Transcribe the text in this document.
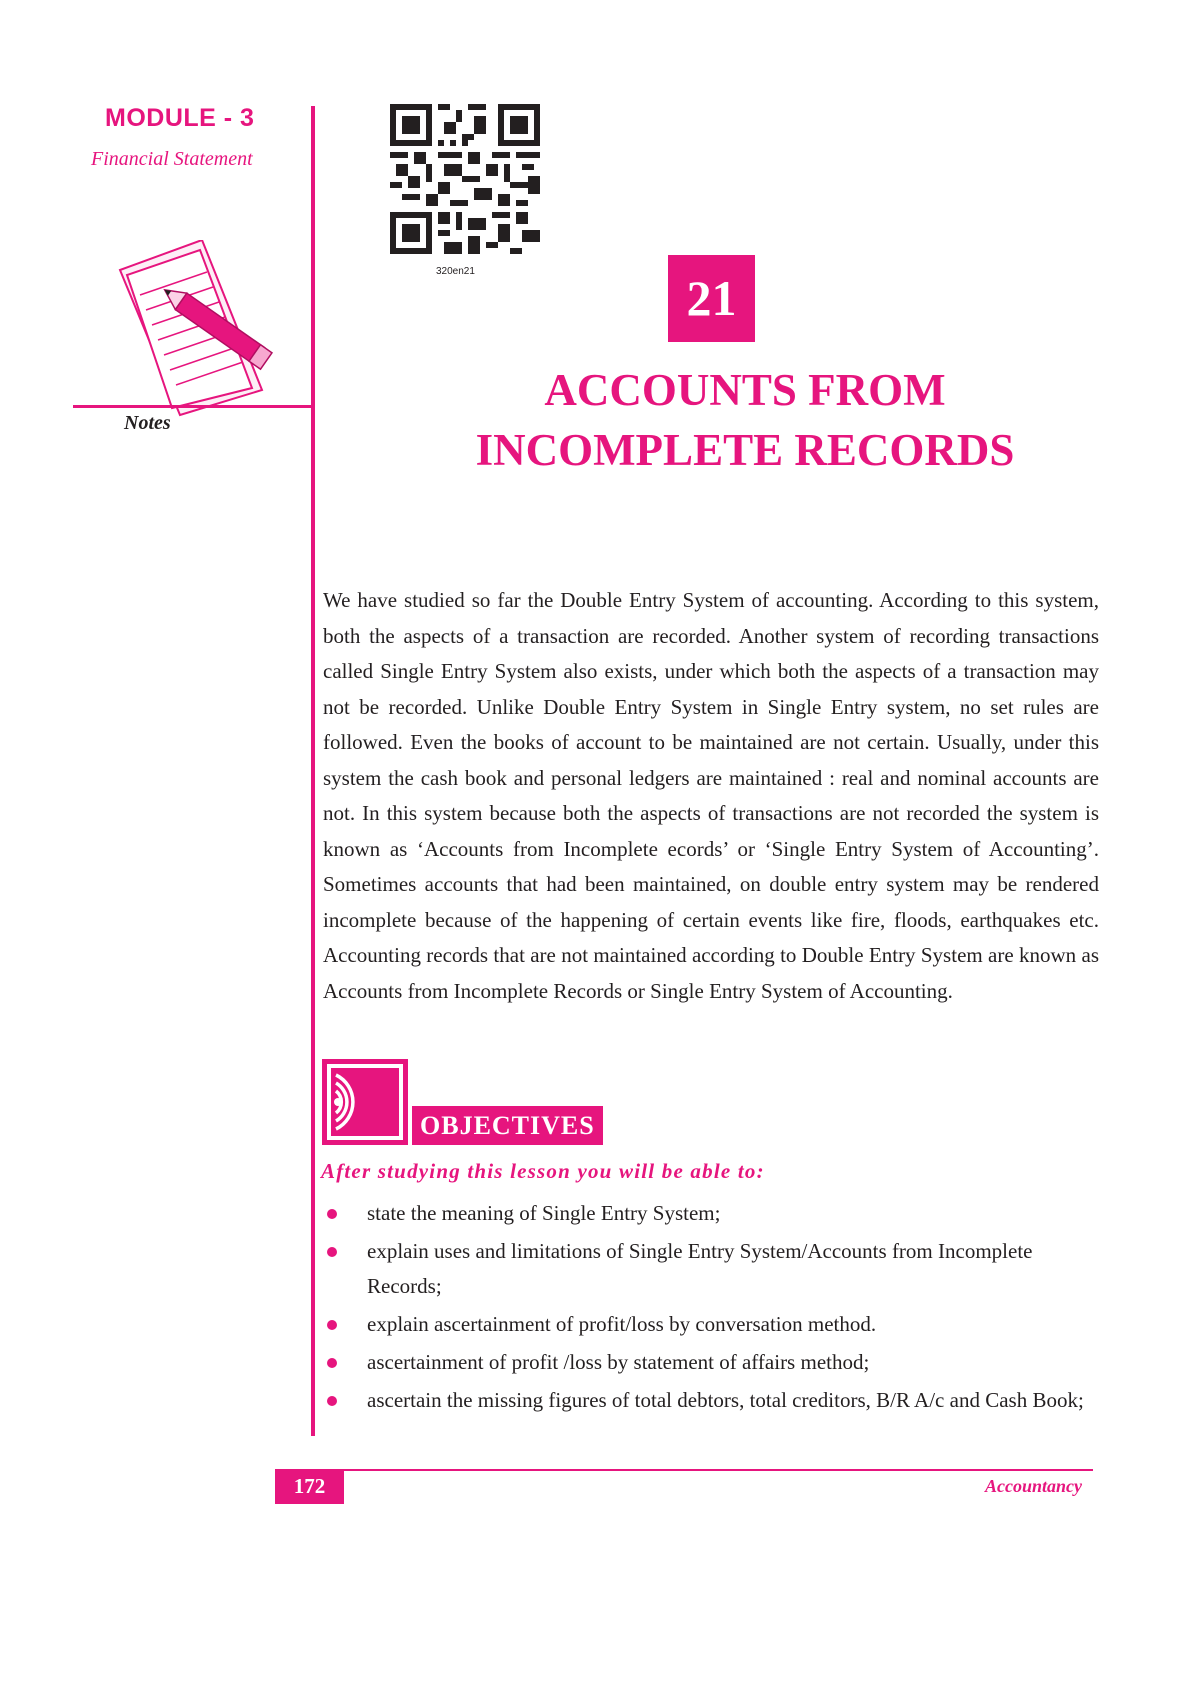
MODULE - 3
Financial Statement
Notes
320en21	21
ACCOUNTS FROM
INCOMPLETE RECORDS
We have studied so far the Double Entry System of accounting. According to this system, both the aspects of a transaction are recorded. Another system of recording transactions called Single Entry System also exists, under which both the aspects of a transaction may not be recorded. Unlike Double Entry System in Single Entry system, no set rules are followed. Even the books of account to be maintained are not certain. Usually, under this system the cash book and personal ledgers are maintained : real and nominal accounts are not. In this system because both the aspects of transactions are not recorded the system is known as ‘Accounts from Incomplete ecords’ or ‘Single Entry System of Accounting’. Sometimes accounts that had been maintained, on double entry system may be rendered incomplete because of the happening of certain events like fire, floods, earthquakes etc. Accounting records that are not maintained according to Double Entry System are known as Accounts from Incomplete Records or Single Entry System of Accounting.
OBJECTIVES
After studying this lesson you will be able to:
state the meaning of Single Entry System;
explain uses and limitations of Single Entry System/Accounts from Incomplete Records;
explain ascertainment of profit/loss by conversation method.
ascertainment of profit /loss by statement of affairs method;
ascertain the missing figures of total debtors, total creditors, B/R A/c and Cash Book;
172	Accountancy
